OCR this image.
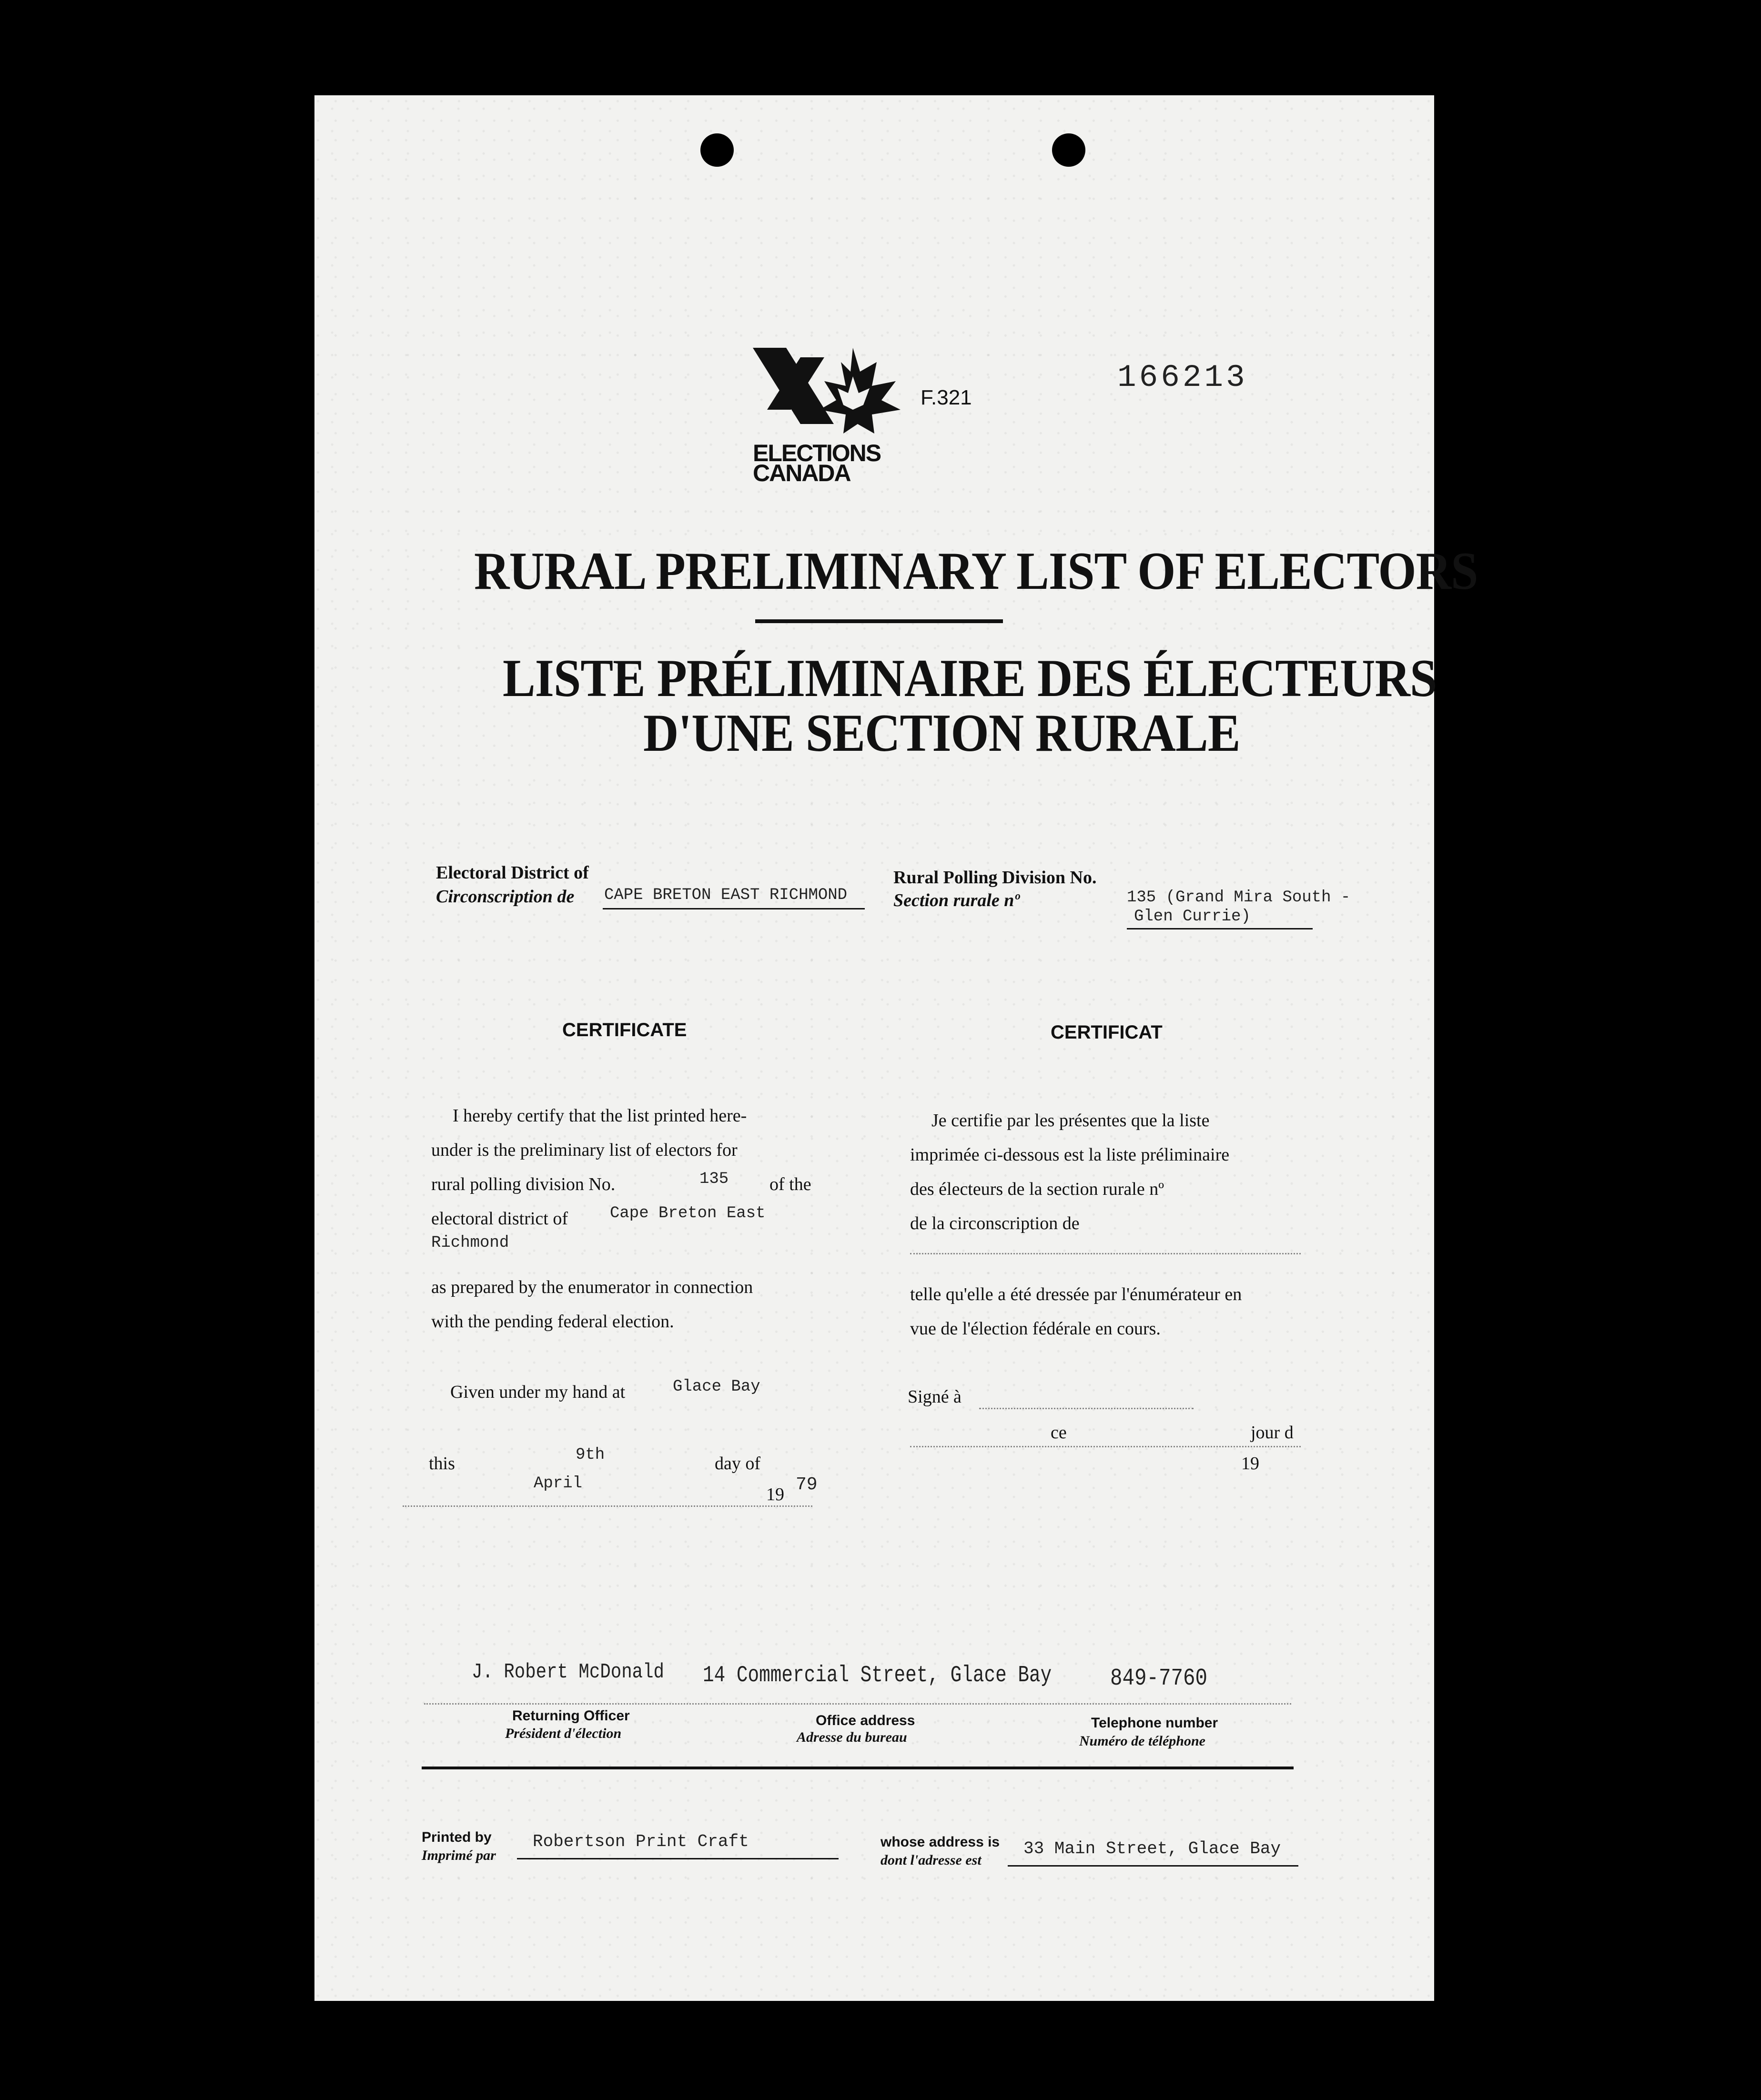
ELECTIONS
CANADA
F.321
166213
RURAL PRELIMINARY LIST OF ELECTORS
LISTE PRÉLIMINAIRE DES ÉLECTEURS
D'UNE SECTION RURALE
Electoral District of
Circonscription de CAPE BRETON EAST RICHMOND
Rural Polling Division No.
Section rurale nº	135 (Grand Mira South -
Glen Currie)
CERTIFICATE
I hereby certify that the list printed here-
under is the preliminary list of electors for
rural polling division No.	135 of the
electoral district of	Cape Breton East
Richmond
as prepared by the enumerator in connection
with the pending federal election.
Given under my hand at	Glace Bay
this	9th	day of
April
19 79
CERTIFICAT
Je certifie par les présentes que la liste
imprimée ci-dessous est la liste préliminaire
des électeurs de la section rurale nº
de la circonscription de
telle qu'elle a été dressée par l'énumérateur en
vue de l'élection fédérale en cours.
Signé à
ce	jour d
19
J. Robert McDonald 14 Commercial Street, Glace Bay 849-7760
Returning Officer
Président d'élection
Office address
Adresse du bureau
Telephone number
Numéro de téléphone
Printed by
Imprimé par
Robertson Print Craft	whose address is
dont l'adresse est
33 Main Street, Glace Bay
